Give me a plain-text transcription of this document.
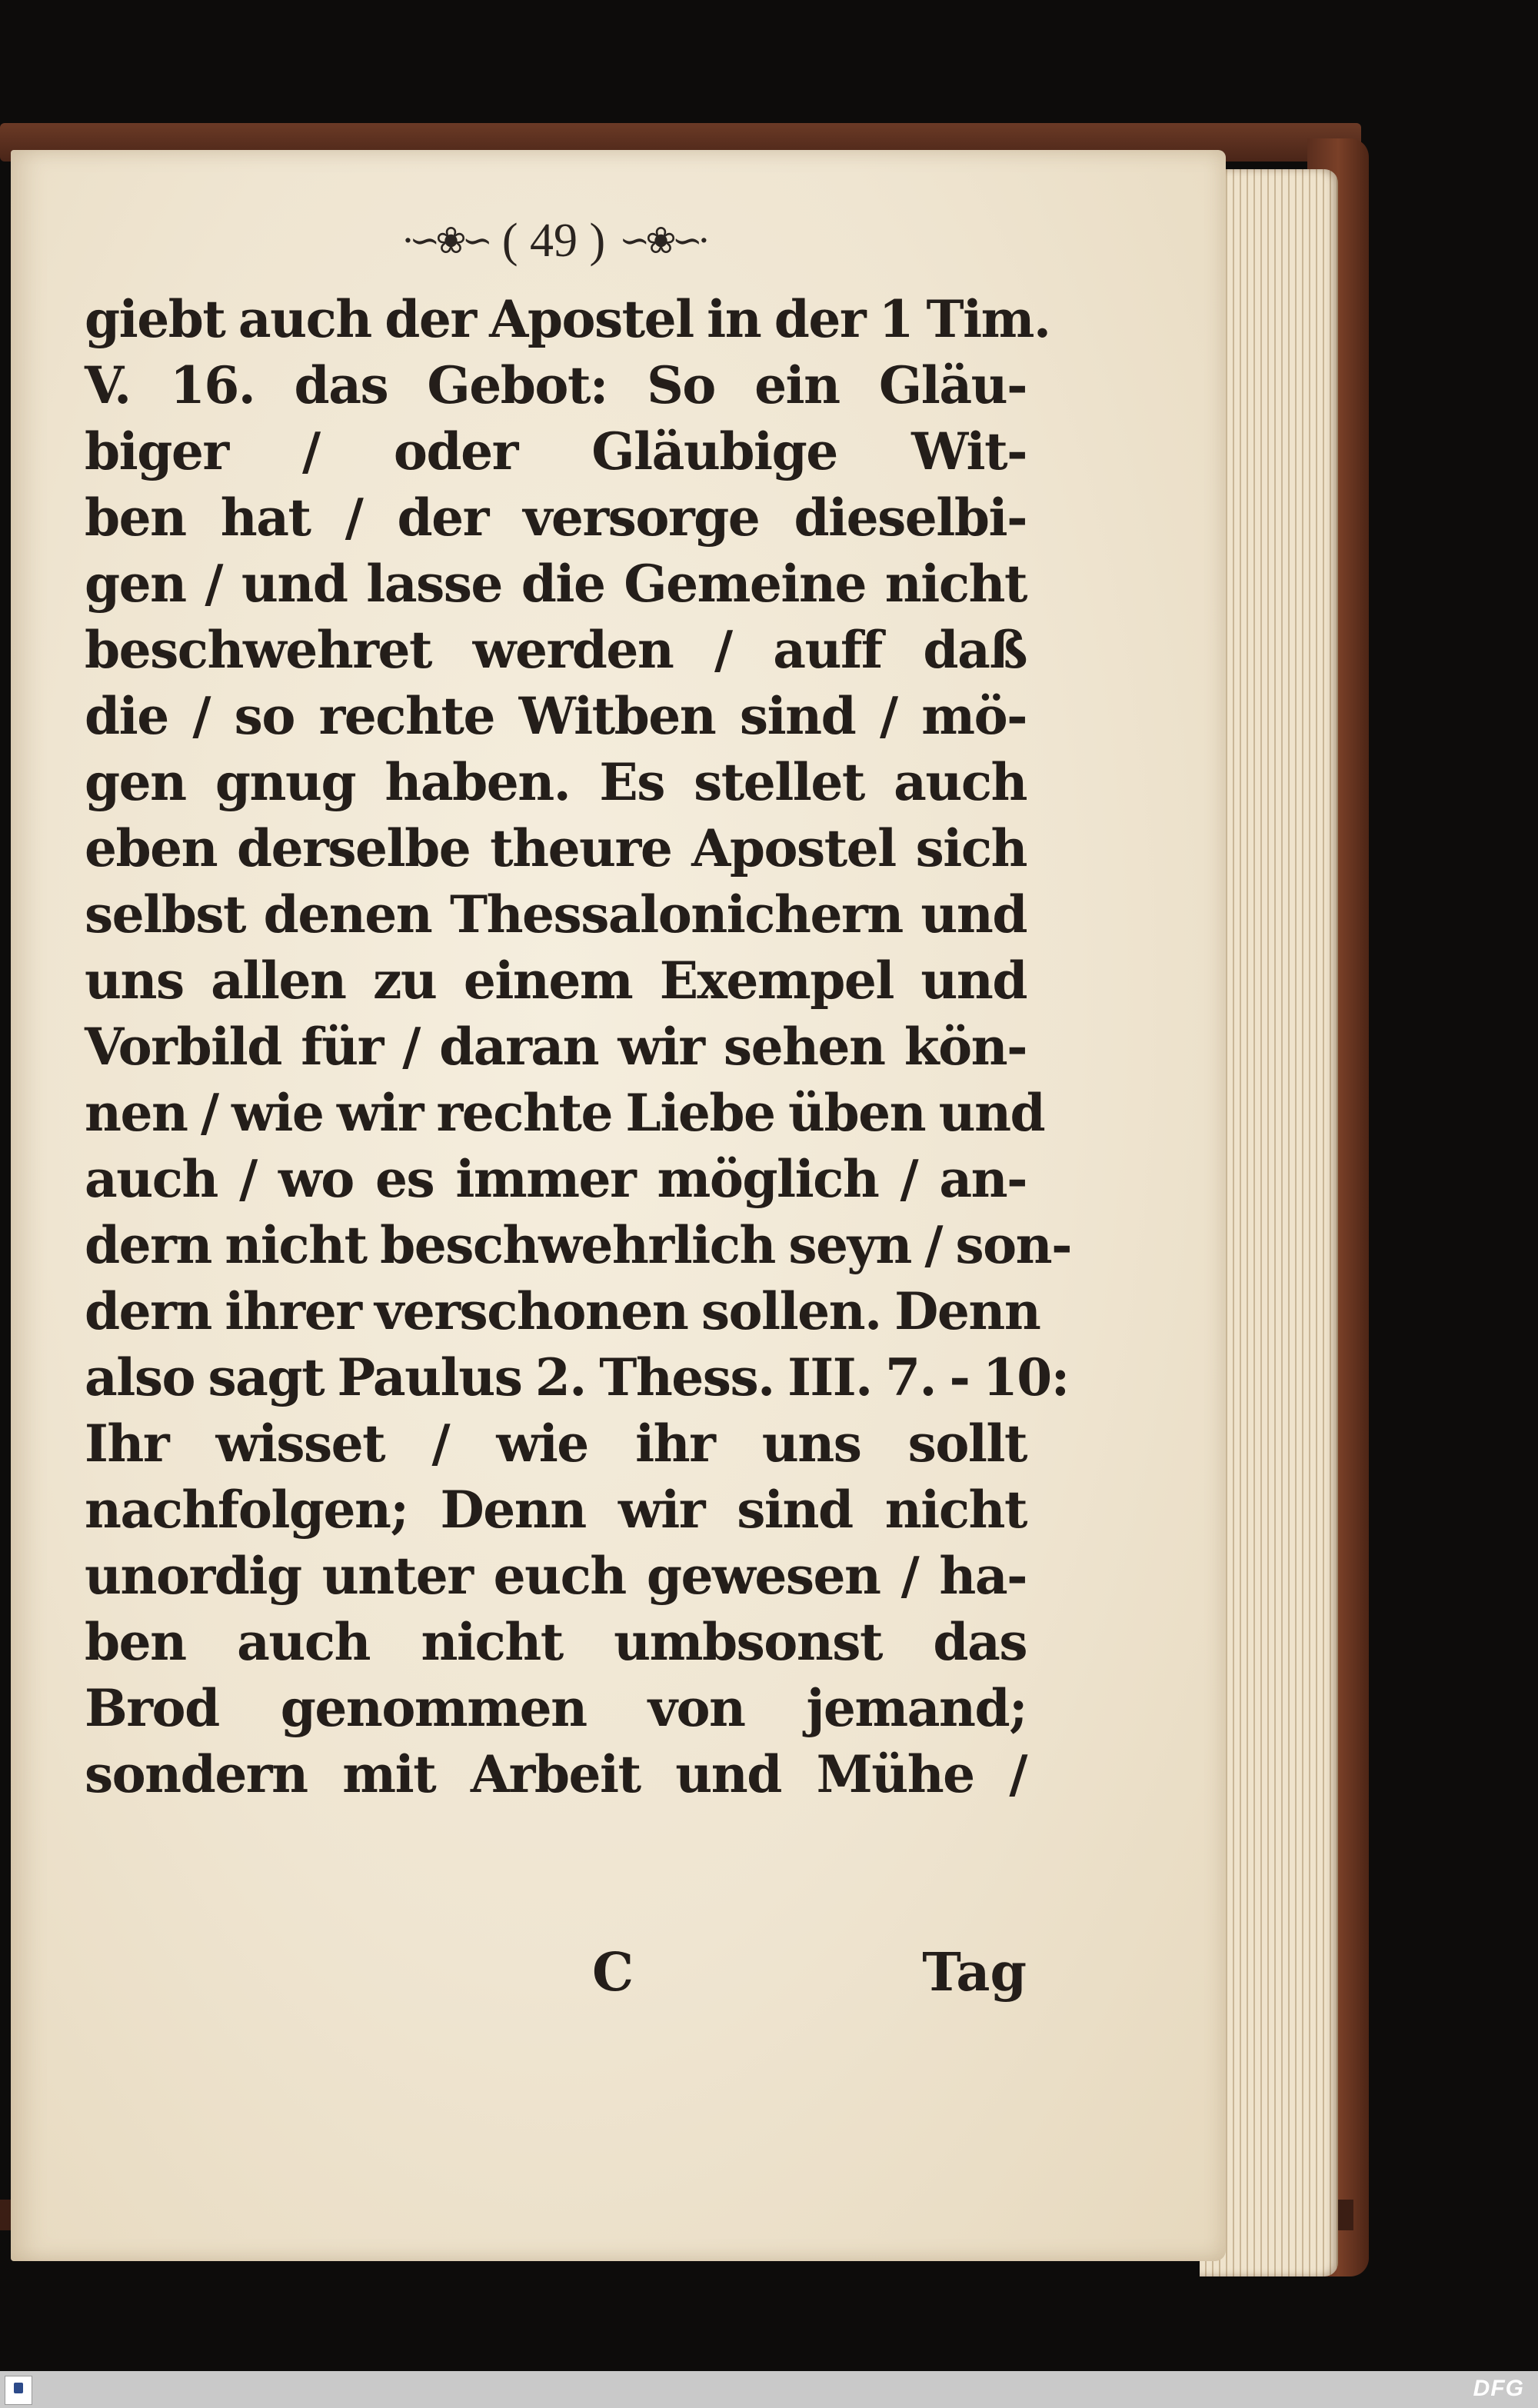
·∽❀∽ ( 49 ) ∽❀∽·
giebt auch der Apostel in der 1 Tim.
V. 16. das Gebot: So ein Gläu-
biger / oder Gläubige Wit-
ben hat / der versorge dieselbi-
gen / und lasse die Gemeine nicht
beschwehret werden / auff daß
die / so rechte Witben sind / mö-
gen gnug haben. Es stellet auch
eben derselbe theure Apostel sich
selbst denen Thessalonichern und
uns allen zu einem Exempel und
Vorbild für / daran wir sehen kön-
nen / wie wir rechte Liebe üben und
auch / wo es immer möglich / an-
dern nicht beschwehrlich seyn / son-
dern ihrer verschonen sollen. Denn
also sagt Paulus 2. Thess. III. 7. - 10:
Ihr wisset / wie ihr uns sollt
nachfolgen; Denn wir sind nicht
unordig unter euch gewesen / ha-
ben auch nicht umbsonst das
Brod genommen von jemand;
sondern mit Arbeit und Mühe /
C	Tag
DFG
